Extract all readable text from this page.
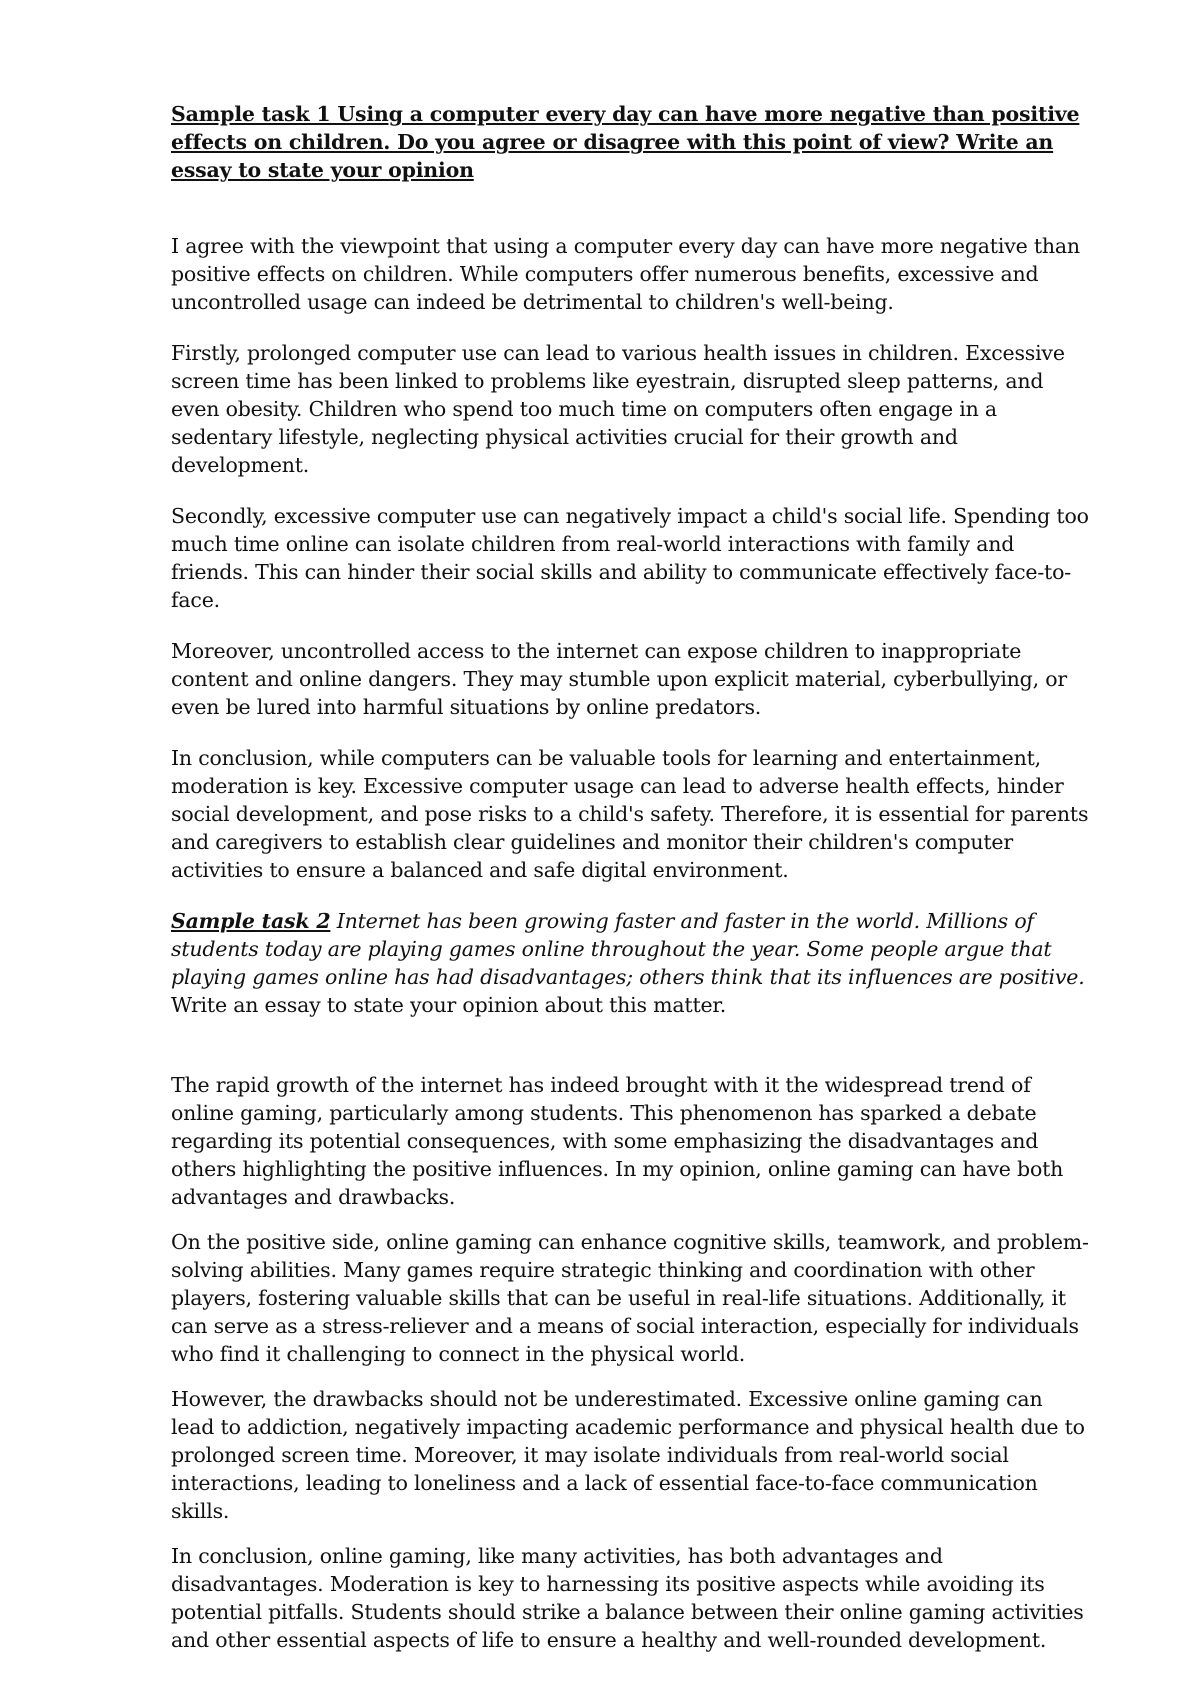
Sample task 1 Using a computer every day can have more negative than positive effects on children. Do you agree or disagree with this point of view? Write an essay to state your opinion

I agree with the viewpoint that using a computer every day can have more negative than positive effects on children. While computers offer numerous benefits, excessive and uncontrolled usage can indeed be detrimental to children's well-being.

Firstly, prolonged computer use can lead to various health issues in children. Excessive screen time has been linked to problems like eyestrain, disrupted sleep patterns, and even obesity. Children who spend too much time on computers often engage in a sedentary lifestyle, neglecting physical activities crucial for their growth and development.

Secondly, excessive computer use can negatively impact a child's social life. Spending too much time online can isolate children from real-world interactions with family and friends. This can hinder their social skills and ability to communicate effectively face-to-face.

Moreover, uncontrolled access to the internet can expose children to inappropriate content and online dangers. They may stumble upon explicit material, cyberbullying, or even be lured into harmful situations by online predators.

In conclusion, while computers can be valuable tools for learning and entertainment, moderation is key. Excessive computer usage can lead to adverse health effects, hinder social development, and pose risks to a child's safety. Therefore, it is essential for parents and caregivers to establish clear guidelines and monitor their children's computer activities to ensure a balanced and safe digital environment.

Sample task 2 Internet has been growing faster and faster in the world. Millions of students today are playing games online throughout the year. Some people argue that playing games online has had disadvantages; others think that its influences are positive. Write an essay to state your opinion about this matter.

The rapid growth of the internet has indeed brought with it the widespread trend of online gaming, particularly among students. This phenomenon has sparked a debate regarding its potential consequences, with some emphasizing the disadvantages and others highlighting the positive influences. In my opinion, online gaming can have both advantages and drawbacks.

On the positive side, online gaming can enhance cognitive skills, teamwork, and problem-solving abilities. Many games require strategic thinking and coordination with other players, fostering valuable skills that can be useful in real-life situations. Additionally, it can serve as a stress-reliever and a means of social interaction, especially for individuals who find it challenging to connect in the physical world.

However, the drawbacks should not be underestimated. Excessive online gaming can lead to addiction, negatively impacting academic performance and physical health due to prolonged screen time. Moreover, it may isolate individuals from real-world social interactions, leading to loneliness and a lack of essential face-to-face communication skills.

In conclusion, online gaming, like many activities, has both advantages and disadvantages. Moderation is key to harnessing its positive aspects while avoiding its potential pitfalls. Students should strike a balance between their online gaming activities and other essential aspects of life to ensure a healthy and well-rounded development.
